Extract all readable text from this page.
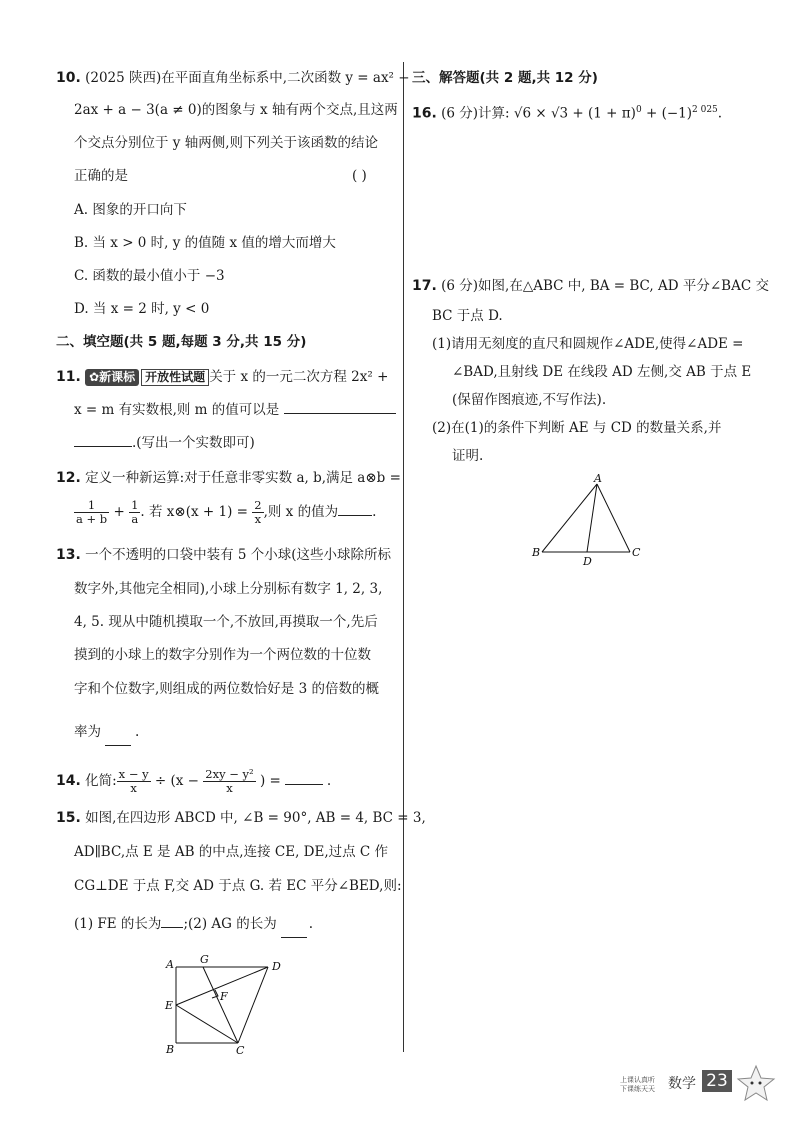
10. (2025 陕西)在平面直角坐标系中,二次函数 y = ax² −
2ax + a − 3(a ≠ 0)的图象与 x 轴有两个交点,且这两
个交点分别位于 y 轴两侧,则下列关于该函数的结论
正确的是	( )
A. 图象的开口向下
B. 当 x > 0 时, y 的值随 x 值的增大而增大
C. 函数的最小值小于 −3
D. 当 x = 2 时, y < 0
二、填空题(共 5 题,每题 3 分,共 15 分)
11. ✿新课标 开放性试题 关于 x 的一元二次方程 2x² +
x = m 有实数根,则 m 的值可以是
.(写出一个实数即可)
12. 定义一种新运算:对于任意非零实数 a, b,满足 a⊗b =
$\frac{1}{a + b} + \frac{1}{a}$ . 若 x⊗(x + $1) = \frac{2}{x}$ ,则 x 的值为	.
13. 一个不透明的口袋中装有 5 个小球(这些小球除所标
数字外,其他完全相同),小球上分别标有数字 1, 2, 3,
4, 5. 现从中随机摸取一个,不放回,再摸取一个,先后
摸到的小球上的数字分别作为一个两位数的十位数
字和个位数字,则组成的两位数恰好是 3 的倍数的概
率为	.
14. 化简: $\frac{x - y}{x} \div (x - \frac{\text{2xy − y²}}{x}$ ) =	.
15. 如图,在四边形 ABCD 中, ∠B = 90°, AB = 4, BC = 3,
AD∥BC,点 E 是 AB 的中点,连接 CE, DE,过点 C 作
CG⊥DE 于点 F,交 AD 于点 G. 若 EC 平分∠BED,则:
(1) FE 的长为 ;(2) AG 的长为 .
A G
D
E
F
B	C
三、解答题(共 2 题,共 12 分)
16. (6 分)计算: $√6 \times √3 + (1 + \pi)^0 + (-1)^{2 025}$.
17. (6 分)如图,在△ABC 中, BA = BC, AD 平分∠BAC 交
BC 于点 D.
(1)请用无刻度的直尺和圆规作∠ADE,使得∠ADE =
∠BAD,且射线 DE 在线段 AD 左侧,交 AB 于点 E
(保留作图痕迹,不写作法).
(2)在(1)的条件下判断 AE 与 CD 的数量关系,并
证明.
A
B
D
C
上课认真听
下课练天天 数学 23
